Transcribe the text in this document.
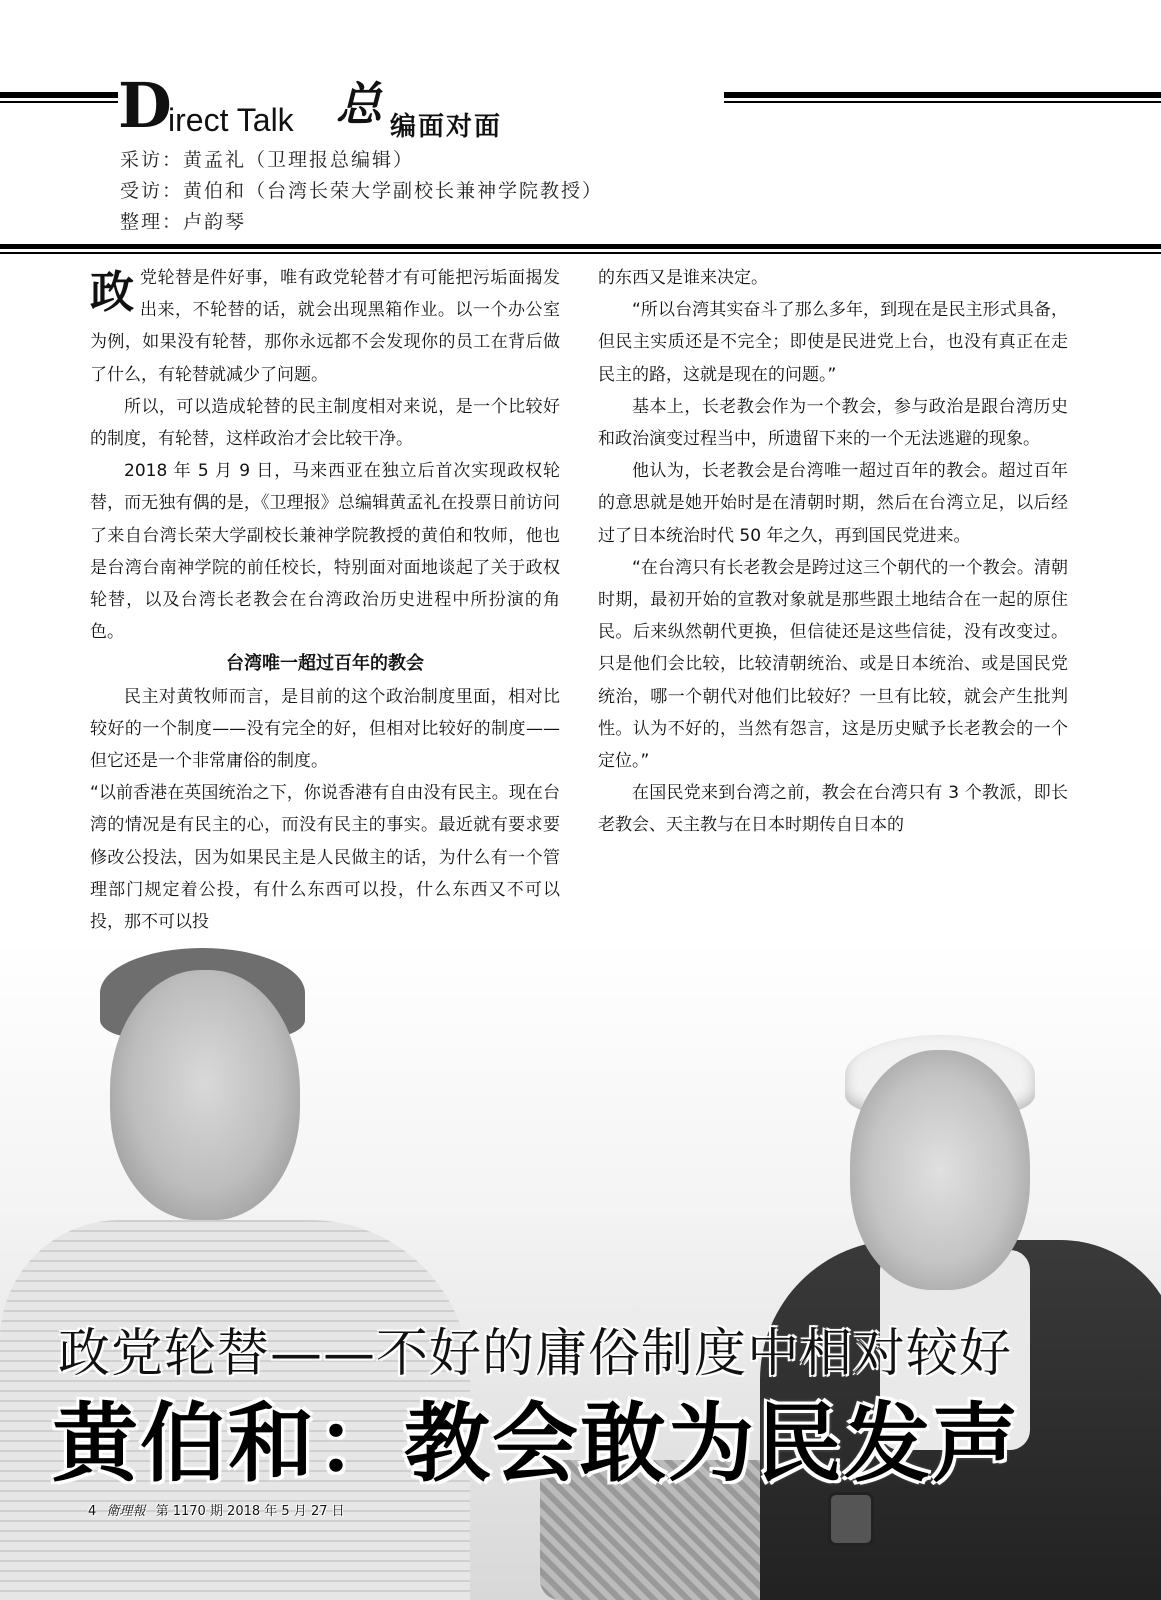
D
irect Talk 总 编面对面
采访：黄孟礼（卫理报总编辑）
受访：黄伯和（台湾长荣大学副校长兼神学院教授）
整理：卢韵琴

政党轮替是件好事，唯有政党轮替才有可能把污垢面揭发出来，不轮替的话，就会出现黑箱作业。以一个办公室为例，如果没有轮替，那你永远都不会发现你的员工在背后做了什么，有轮替就减少了问题。

所以，可以造成轮替的民主制度相对来说，是一个比较好的制度，有轮替，这样政治才会比较干净。

2018 年 5 月 9 日，马来西亚在独立后首次实现政权轮替，而无独有偶的是，《卫理报》总编辑黄孟礼在投票日前访问了来自台湾长荣大学副校长兼神学院教授的黄伯和牧师，他也是台湾台南神学院的前任校长，特别面对面地谈起了关于政权轮替，以及台湾长老教会在台湾政治历史进程中所扮演的角色。

台湾唯一超过百年的教会

民主对黄牧师而言，是目前的这个政治制度里面，相对比较好的一个制度——没有完全的好，但相对比较好的制度——但它还是一个非常庸俗的制度。

“以前香港在英国统治之下，你说香港有自由没有民主。现在台湾的情况是有民主的心，而没有民主的事实。最近就有要求要修改公投法，因为如果民主是人民做主的话，为什么有一个管理部门规定着公投，有什么东西可以投，什么东西又不可以投，那不可以投

的东西又是谁来决定。

“所以台湾其实奋斗了那么多年，到现在是民主形式具备，但民主实质还是不完全；即使是民进党上台，也没有真正在走民主的路，这就是现在的问题。”

基本上，长老教会作为一个教会，参与政治是跟台湾历史和政治演变过程当中，所遗留下来的一个无法逃避的现象。

他认为，长老教会是台湾唯一超过百年的教会。超过百年的意思就是她开始时是在清朝时期，然后在台湾立足，以后经过了日本统治时代 50 年之久，再到国民党进来。

“在台湾只有长老教会是跨过这三个朝代的一个教会。清朝时期，最初开始的宣教对象就是那些跟土地结合在一起的原住民。后来纵然朝代更换，但信徒还是这些信徒，没有改变过。只是他们会比较，比较清朝统治、或是日本统治、或是国民党统治，哪一个朝代对他们比较好？一旦有比较，就会产生批判性。认为不好的，当然有怨言，这是历史赋予长老教会的一个定位。”

在国民党来到台湾之前，教会在台湾只有 3 个教派，即长老教会、天主教与在日本时期传自日本的

政党轮替——不好的庸俗制度中相对较好
黄伯和：教会敢为民发声
4 衛理報 第 1170 期 2018 年 5 月 27 日
